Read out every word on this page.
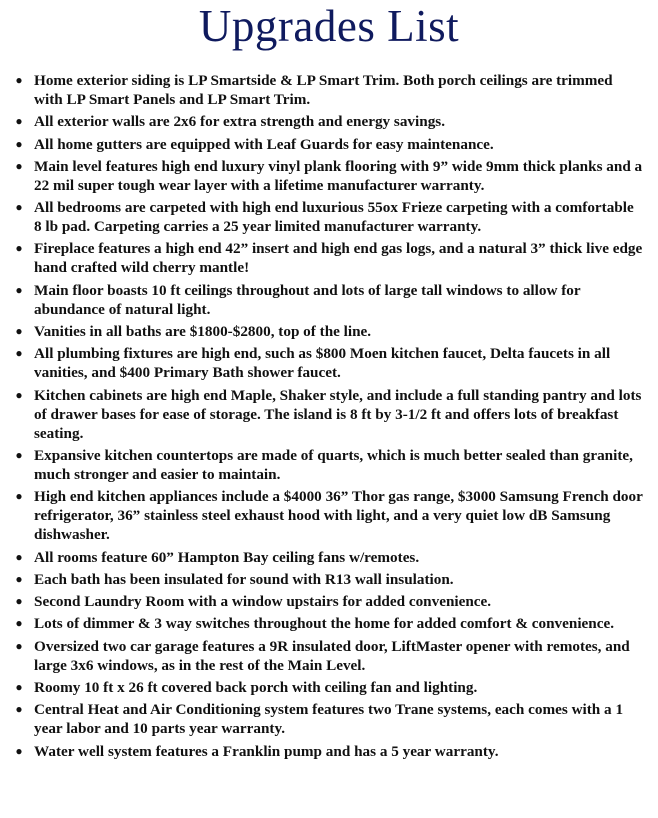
Upgrades List
● Home exterior siding is LP Smartside & LP Smart Trim. Both porch ceilings are trimmed with LP Smart Panels and LP Smart Trim.
● All exterior walls are 2x6 for extra strength and energy savings.
● All home gutters are equipped with Leaf Guards for easy maintenance.
● Main level features high end luxury vinyl plank flooring with 9” wide 9mm thick planks and a 22 mil super tough wear layer with a lifetime manufacturer warranty.
● All bedrooms are carpeted with high end luxurious 55ox Frieze carpeting with a comfortable 8 lb pad. Carpeting carries a 25 year limited manufacturer warranty.
● Fireplace features a high end 42” insert and high end gas logs, and a natural 3” thick live edge hand crafted wild cherry mantle!
● Main floor boasts 10 ft ceilings throughout and lots of large tall windows to allow for abundance of natural light.
● Vanities in all baths are $1800-$2800, top of the line.
● All plumbing fixtures are high end, such as $800 Moen kitchen faucet, Delta faucets in all vanities, and $400 Primary Bath shower faucet.
● Kitchen cabinets are high end Maple, Shaker style, and include a full standing pantry and lots of drawer bases for ease of storage. The island is 8 ft by 3-1/2 ft and offers lots of breakfast seating.
● Expansive kitchen countertops are made of quarts, which is much better sealed than granite, much stronger and easier to maintain.
● High end kitchen appliances include a $4000 36” Thor gas range, $3000 Samsung French door refrigerator, 36” stainless steel exhaust hood with light, and a very quiet low dB Samsung dishwasher.
● All rooms feature 60” Hampton Bay ceiling fans w/remotes.
● Each bath has been insulated for sound with R13 wall insulation.
● Second Laundry Room with a window upstairs for added convenience.
● Lots of dimmer & 3 way switches throughout the home for added comfort & convenience.
● Oversized two car garage features a 9R insulated door, LiftMaster opener with remotes, and large 3x6 windows, as in the rest of the Main Level.
● Roomy 10 ft x 26 ft covered back porch with ceiling fan and lighting.
● Central Heat and Air Conditioning system features two Trane systems, each comes with a 1 year labor and 10 parts year warranty.
● Water well system features a Franklin pump and has a 5 year warranty.
